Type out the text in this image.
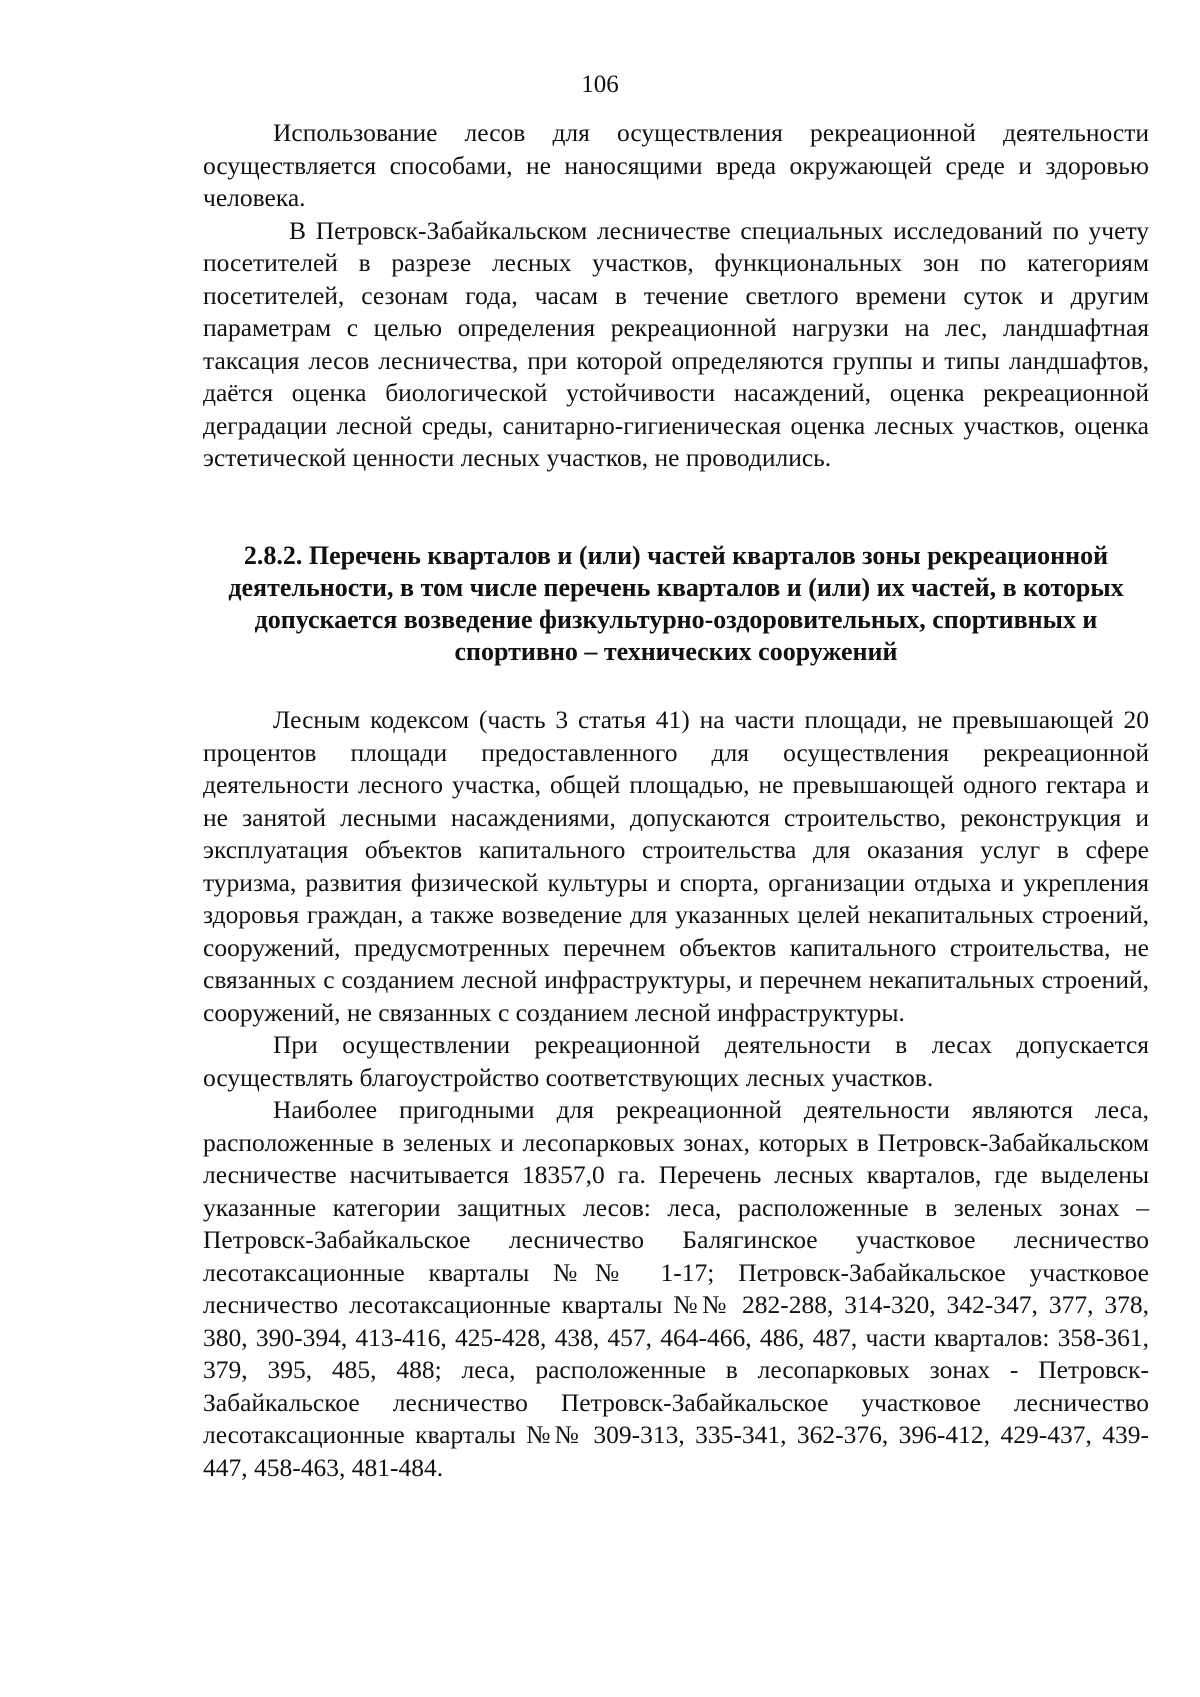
106

Использование лесов для осуществления рекреационной деятельности осуществляется способами, не наносящими вреда окружающей среде и здоровью человека.

В Петровск-Забайкальском лесничестве специальных исследований по учету посетителей в разрезе лесных участков, функциональных зон по категориям посетителей, сезонам года, часам в течение светлого времени суток и другим параметрам с целью определения рекреационной нагрузки на лес, ландшафтная таксация лесов лесничества, при которой определяются группы и типы ландшафтов, даётся оценка биологической устойчивости насаждений, оценка рекреационной деградации лесной среды, санитарно-гигиеническая оценка лесных участков, оценка эстетической ценности лесных участков, не проводились.

2.8.2. Перечень кварталов и (или) частей кварталов зоны рекреационной деятельности, в том числе перечень кварталов и (или) их частей, в которых допускается возведение физкультурно-оздоровительных, спортивных и спортивно – технических сооружений

Лесным кодексом (часть 3 статья 41) на части площади, не превышающей 20 процентов площади предоставленного для осуществления рекреационной деятельности лесного участка, общей площадью, не превышающей одного гектара и не занятой лесными насаждениями, допускаются строительство, реконструкция и эксплуатация объектов капитального строительства для оказания услуг в сфере туризма, развития физической культуры и спорта, организации отдыха и укрепления здоровья граждан, а также возведение для указанных целей некапитальных строений, сооружений, предусмотренных перечнем объектов капитального строительства, не связанных с созданием лесной инфраструктуры, и перечнем некапитальных строений, сооружений, не связанных с созданием лесной инфраструктуры.

При осуществлении рекреационной деятельности в лесах допускается осуществлять благоустройство соответствующих лесных участков.

Наиболее пригодными для рекреационной деятельности являются леса, расположенные в зеленых и лесопарковых зонах, которых в Петровск-Забайкальском лесничестве насчитывается 18357,0 га. Перечень лесных кварталов, где выделены указанные категории защитных лесов: леса, расположенные в зеленых зонах – Петровск-Забайкальское лесничество Балягинское участковое лесничество лесотаксационные кварталы №№ 1-17; Петровск-Забайкальское участковое лесничество лесотаксационные кварталы №№ 282-288, 314-320, 342-347, 377, 378, 380, 390-394, 413-416, 425-428, 438, 457, 464-466, 486, 487, части кварталов: 358-361, 379, 395, 485, 488; леса, расположенные в лесопарковых зонах - Петровск-Забайкальское лесничество Петровск-Забайкальское участковое лесничество лесотаксационные кварталы №№ 309-313, 335-341, 362-376, 396-412, 429-437, 439-447, 458-463, 481-484.
